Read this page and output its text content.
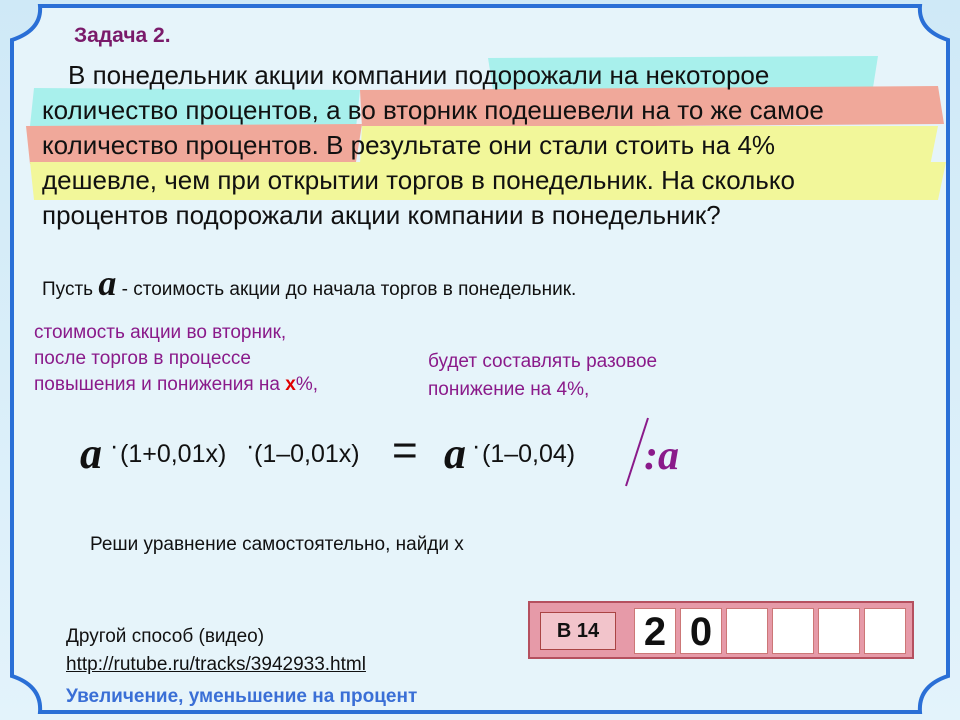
Задача 2.
В понедельник акции компании подорожали на некоторое
количество процентов, а во вторник подешевели на то же самое
количество процентов. В результате они стали стоить на 4%
дешевле, чем при открытии торгов в понедельник. На сколько
процентов подорожали акции компании в понедельник?
Пусть a - стоимость акции до начала торгов в понедельник.
стоимость акции во вторник,
после торгов в процессе
повышения и понижения на x%,
будет составлять разовое
понижение на 4%,
a · (1+0,01x) · (1–0,01x) = a · (1–0,04) :a
Реши уравнение самостоятельно, найди х
В 14	2 0
Другой способ (видео)
http://rutube.ru/tracks/3942933.html
Увеличение, уменьшение на процент
